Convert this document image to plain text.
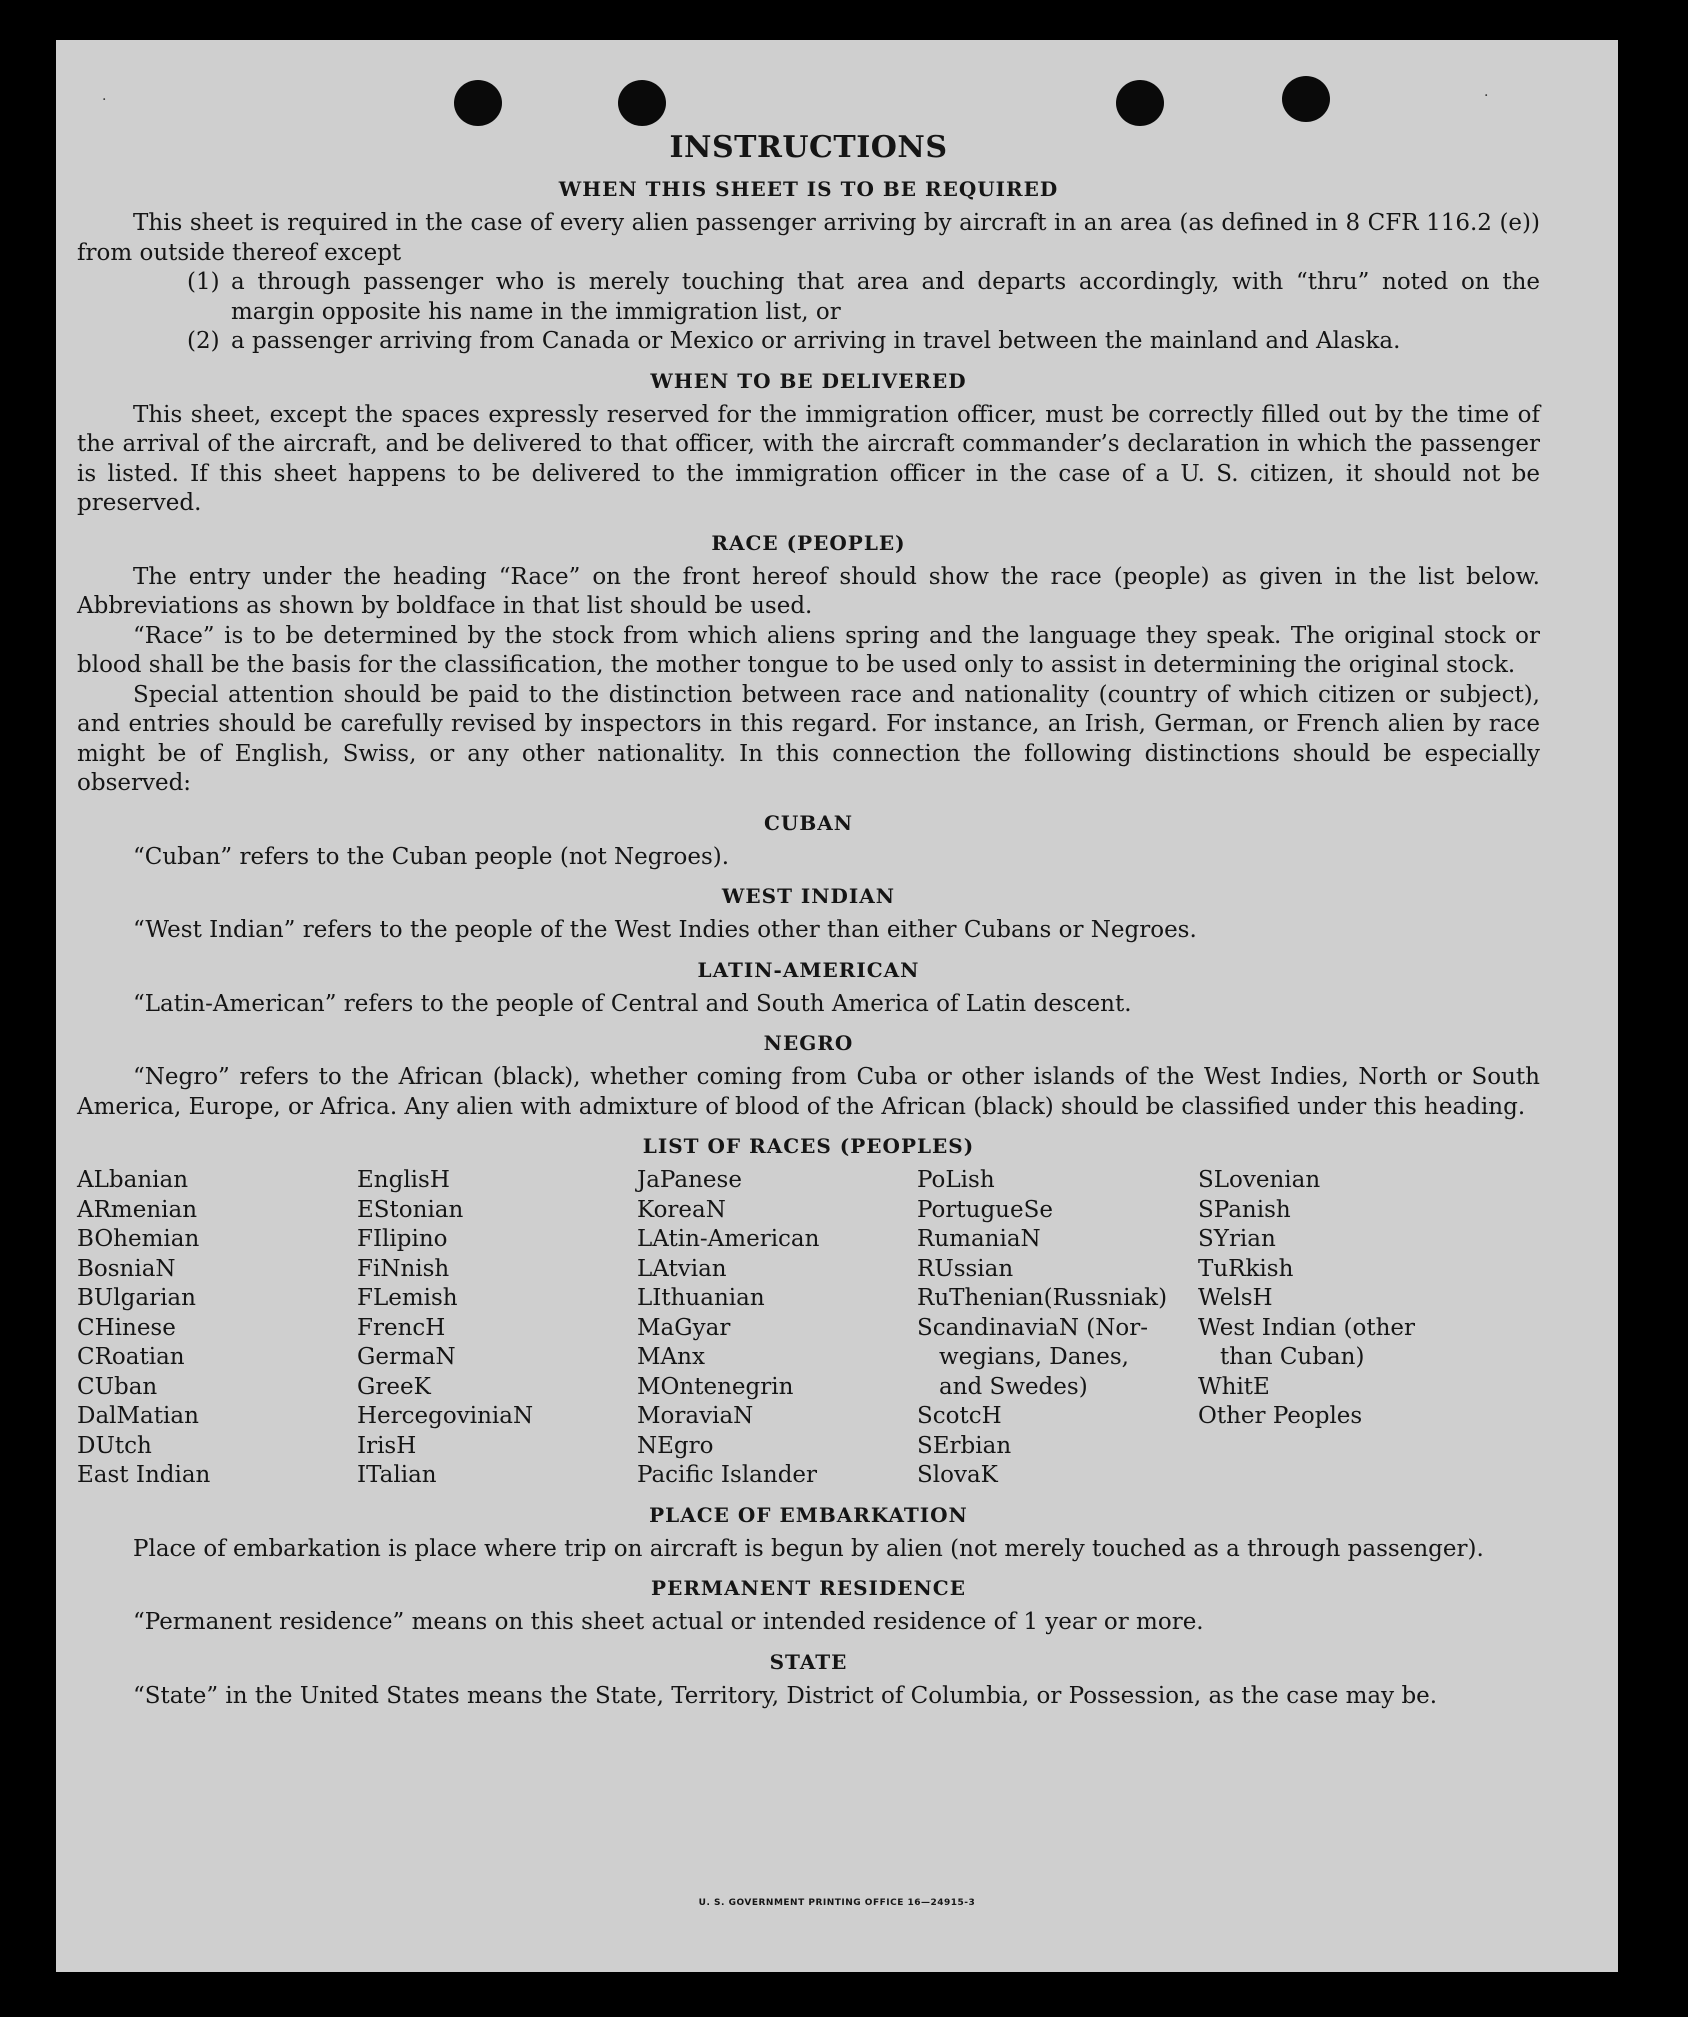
·	·
INSTRUCTIONS
WHEN THIS SHEET IS TO BE REQUIRED

This sheet is required in the case of every alien passenger arriving by aircraft in an area (as defined in 8 CFR 116.2 (e)) from outside thereof except

(1) a through passenger who is merely touching that area and departs accordingly, with “thru” noted on the margin opposite his name in the immigration list, or
(2) a passenger arriving from Canada or Mexico or arriving in travel between the mainland and Alaska.
WHEN TO BE DELIVERED

This sheet, except the spaces expressly reserved for the immigration officer, must be correctly filled out by the time of the arrival of the aircraft, and be delivered to that officer, with the aircraft commander’s declaration in which the passenger is listed. If this sheet happens to be delivered to the immigration officer in the case of a U. S. citizen, it should not be preserved.

RACE (PEOPLE)

The entry under the heading “Race” on the front hereof should show the race (people) as given in the list below. Abbreviations as shown by boldface in that list should be used.

“Race” is to be determined by the stock from which aliens spring and the language they speak. The original stock or blood shall be the basis for the classification, the mother tongue to be used only to assist in determining the original stock.

Special attention should be paid to the distinction between race and nationality (country of which citizen or subject), and entries should be carefully revised by inspectors in this regard. For instance, an Irish, German, or French alien by race might be of English, Swiss, or any other nationality. In this connection the following distinctions should be especially observed:

CUBAN

“Cuban” refers to the Cuban people (not Negroes).

WEST INDIAN

“West Indian” refers to the people of the West Indies other than either Cubans or Negroes.

LATIN-AMERICAN

“Latin-American” refers to the people of Central and South America of Latin descent.

NEGRO

“Negro” refers to the African (black), whether coming from Cuba or other islands of the West Indies, North or South America, Europe, or Africa. Any alien with admixture of blood of the African (black) should be classified under this heading.

LIST OF RACES (PEOPLES)
ALbanian
ARmenian
BOhemian
BosniaN
BUlgarian
CHinese
CRoatian
CUban
DalMatian
DUtch
East Indian
EnglisH
EStonian
FIlipino
FiNnish
FLemish
FrencH
GermaN
GreeK
HercegoviniaN
IrisH
ITalian
JaPanese
KoreaN
LAtin-American
LAtvian
LIthuanian
MaGyar
MAnx
MOntenegrin
MoraviaN
NEgro
Pacific Islander
PoLish
PortugueSe
RumaniaN
RUssian
RuThenian(Russniak)
ScandinaviaN (Nor-
wegians, Danes,
and Swedes)
ScotcH
SErbian
SlovaK
SLovenian
SPanish
SYrian
TuRkish
WelsH
West Indian (other
than Cuban)
WhitE
Other Peoples
PLACE OF EMBARKATION

Place of embarkation is place where trip on aircraft is begun by alien (not merely touched as a through passenger).

PERMANENT RESIDENCE

“Permanent residence” means on this sheet actual or intended residence of 1 year or more.

STATE

“State” in the United States means the State, Territory, District of Columbia, or Possession, as the case may be.

U. S. GOVERNMENT PRINTING OFFICE 16—24915-3
